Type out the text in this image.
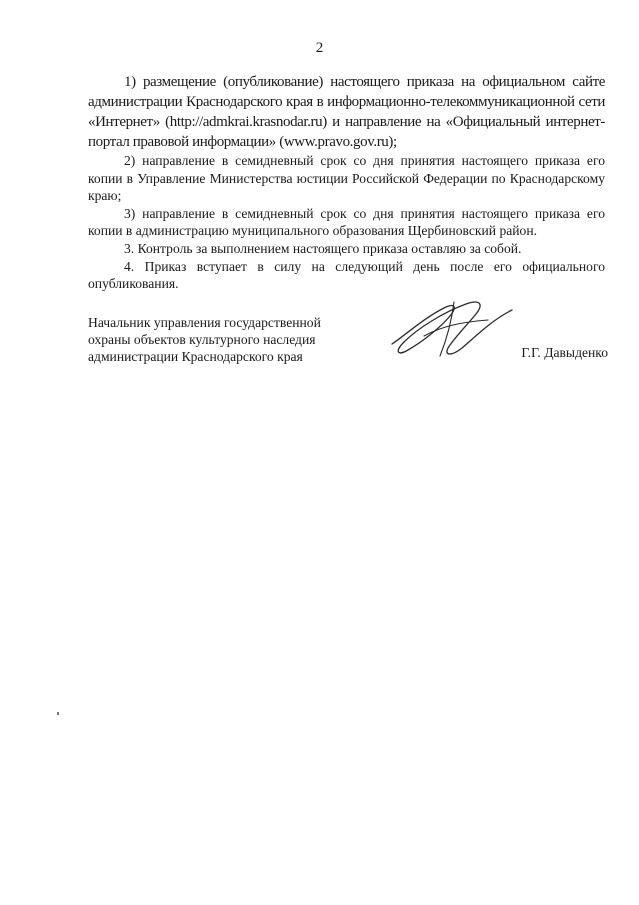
2

1) размещение (опубликование) настоящего приказа на официальном сайте администрации Краснодарского края в информационно-телекоммуникационной сети «Интернет» (http://admkrai.krasnodar.ru) и направление на «Официальный интернет-портал правовой информации» (www.pravo.gov.ru);

2) направление в семидневный срок со дня принятия настоящего приказа его копии в Управление Министерства юстиции Российской Федерации по Краснодарскому краю;

3) направление в семидневный срок со дня принятия настоящего приказа его копии в администрацию муниципального образования Щербиновский район.

3. Контроль за выполнением настоящего приказа оставляю за собой.

4. Приказ вступает в силу на следующий день после его официального опубликования.

Начальник управления государственной
охраны объектов культурного наследия
администрации Краснодарского края	Г.Г. Давыденко
